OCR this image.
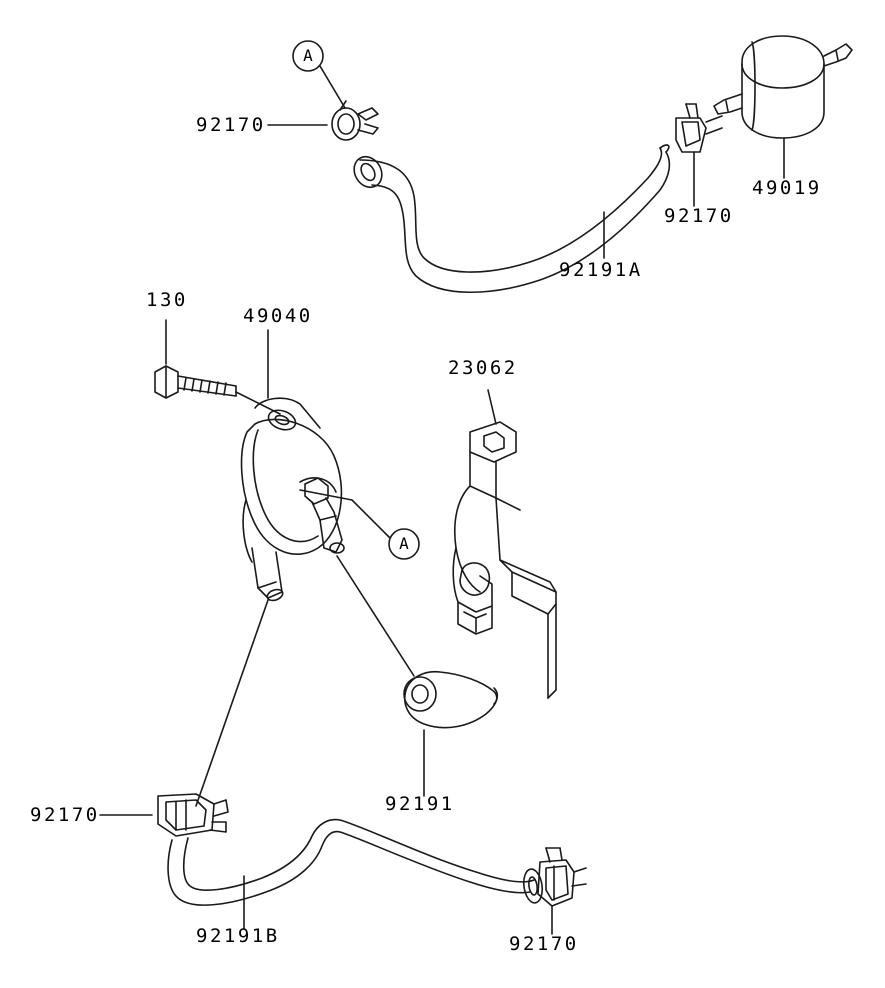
92170
49019
92170
92191A
130
49040
23062
92191
92170
92191B	92170
A
A
